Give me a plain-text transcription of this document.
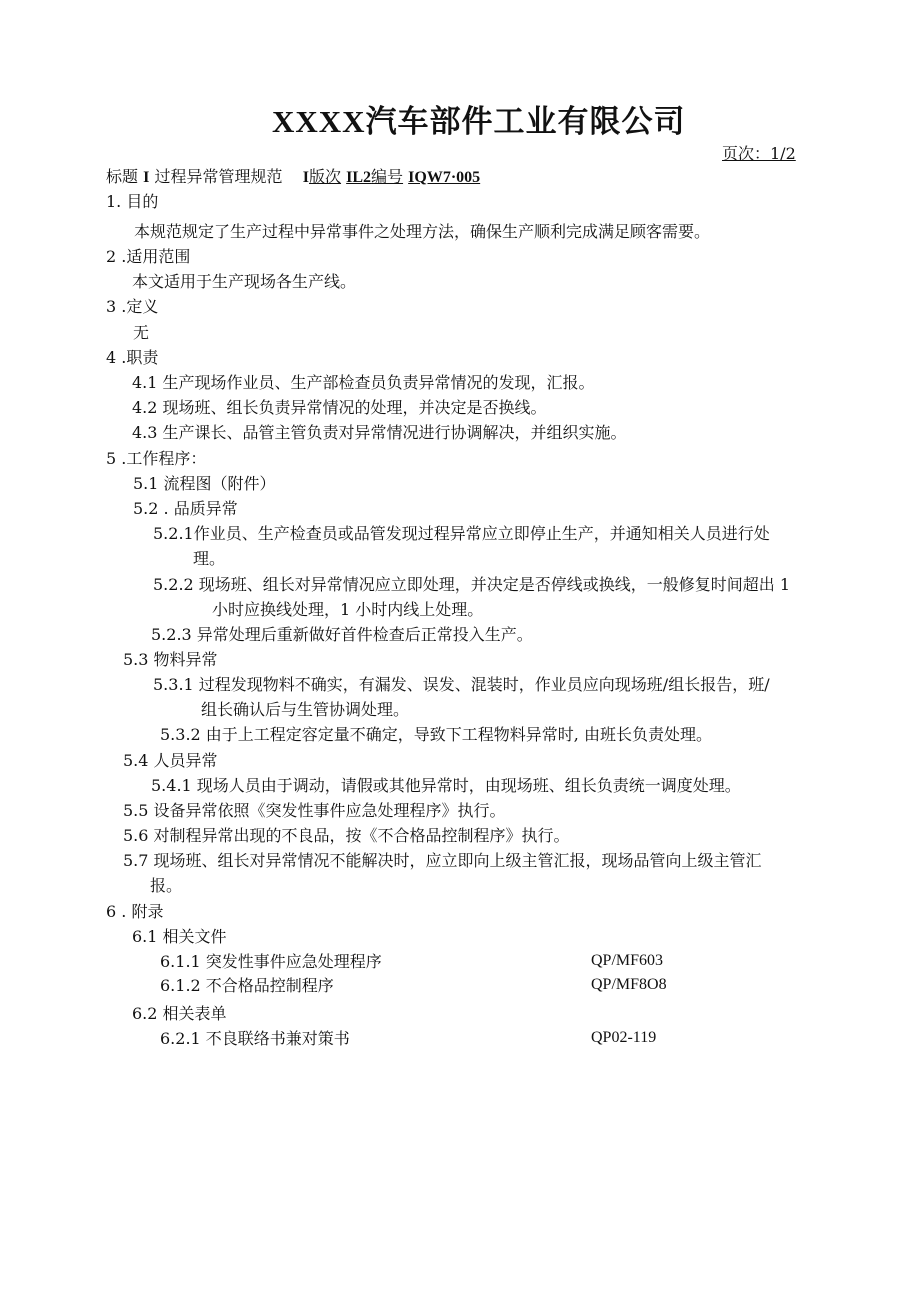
XXXX汽车部件工业有限公司
页次：1/2
标题 I 过程异常管理规范 I版次 IL2编号 IQW7·005
1. 目的
本规范规定了生产过程中异常事件之处理方法，确保生产顺利完成满足顾客需要。
2 .适用范围
本文适用于生产现场各生产线。
3 .定义
无
4 .职责
4.1 生产现场作业员、生产部检查员负责异常情况的发现，汇报。
4.2 现场班、组长负责异常情况的处理，并决定是否换线。
4.3 生产课长、品管主管负责对异常情况进行协调解决，并组织实施。
5 .工作程序：
5.1 流程图（附件）
5.2 . 品质异常
5.2.1作业员、生产检查员或品管发现过程异常应立即停止生产，并通知相关人员进行处
理。
5.2.2 现场班、组长对异常情况应立即处理，并决定是否停线或换线，一般修复时间超出 1
小时应换线处理，1 小时内线上处理。
5.2.3 异常处理后重新做好首件检查后正常投入生产。
5.3 物料异常
5.3.1 过程发现物料不确实，有漏发、误发、混装时，作业员应向现场班/组长报告，班/
组长确认后与生管协调处理。
5.3.2 由于上工程定容定量不确定，导致下工程物料异常时, 由班长负责处理。
5.4 人员异常
5.4.1 现场人员由于调动，请假或其他异常时，由现场班、组长负责统一调度处理。
5.5 设备异常依照《突发性事件应急处理程序》执行。
5.6 对制程异常出现的不良品，按《不合格品控制程序》执行。
5.7 现场班、组长对异常情况不能解决时，应立即向上级主管汇报，现场品管向上级主管汇
报。
6 . 附录
6.1 相关文件
6.1.1 突发性事件应急处理程序
6.1.2 不合格品控制程序
6.2 相关表单
6.2.1 不良联络书兼对策书
QP/MF603
QP/MF8O8
QP02-119
